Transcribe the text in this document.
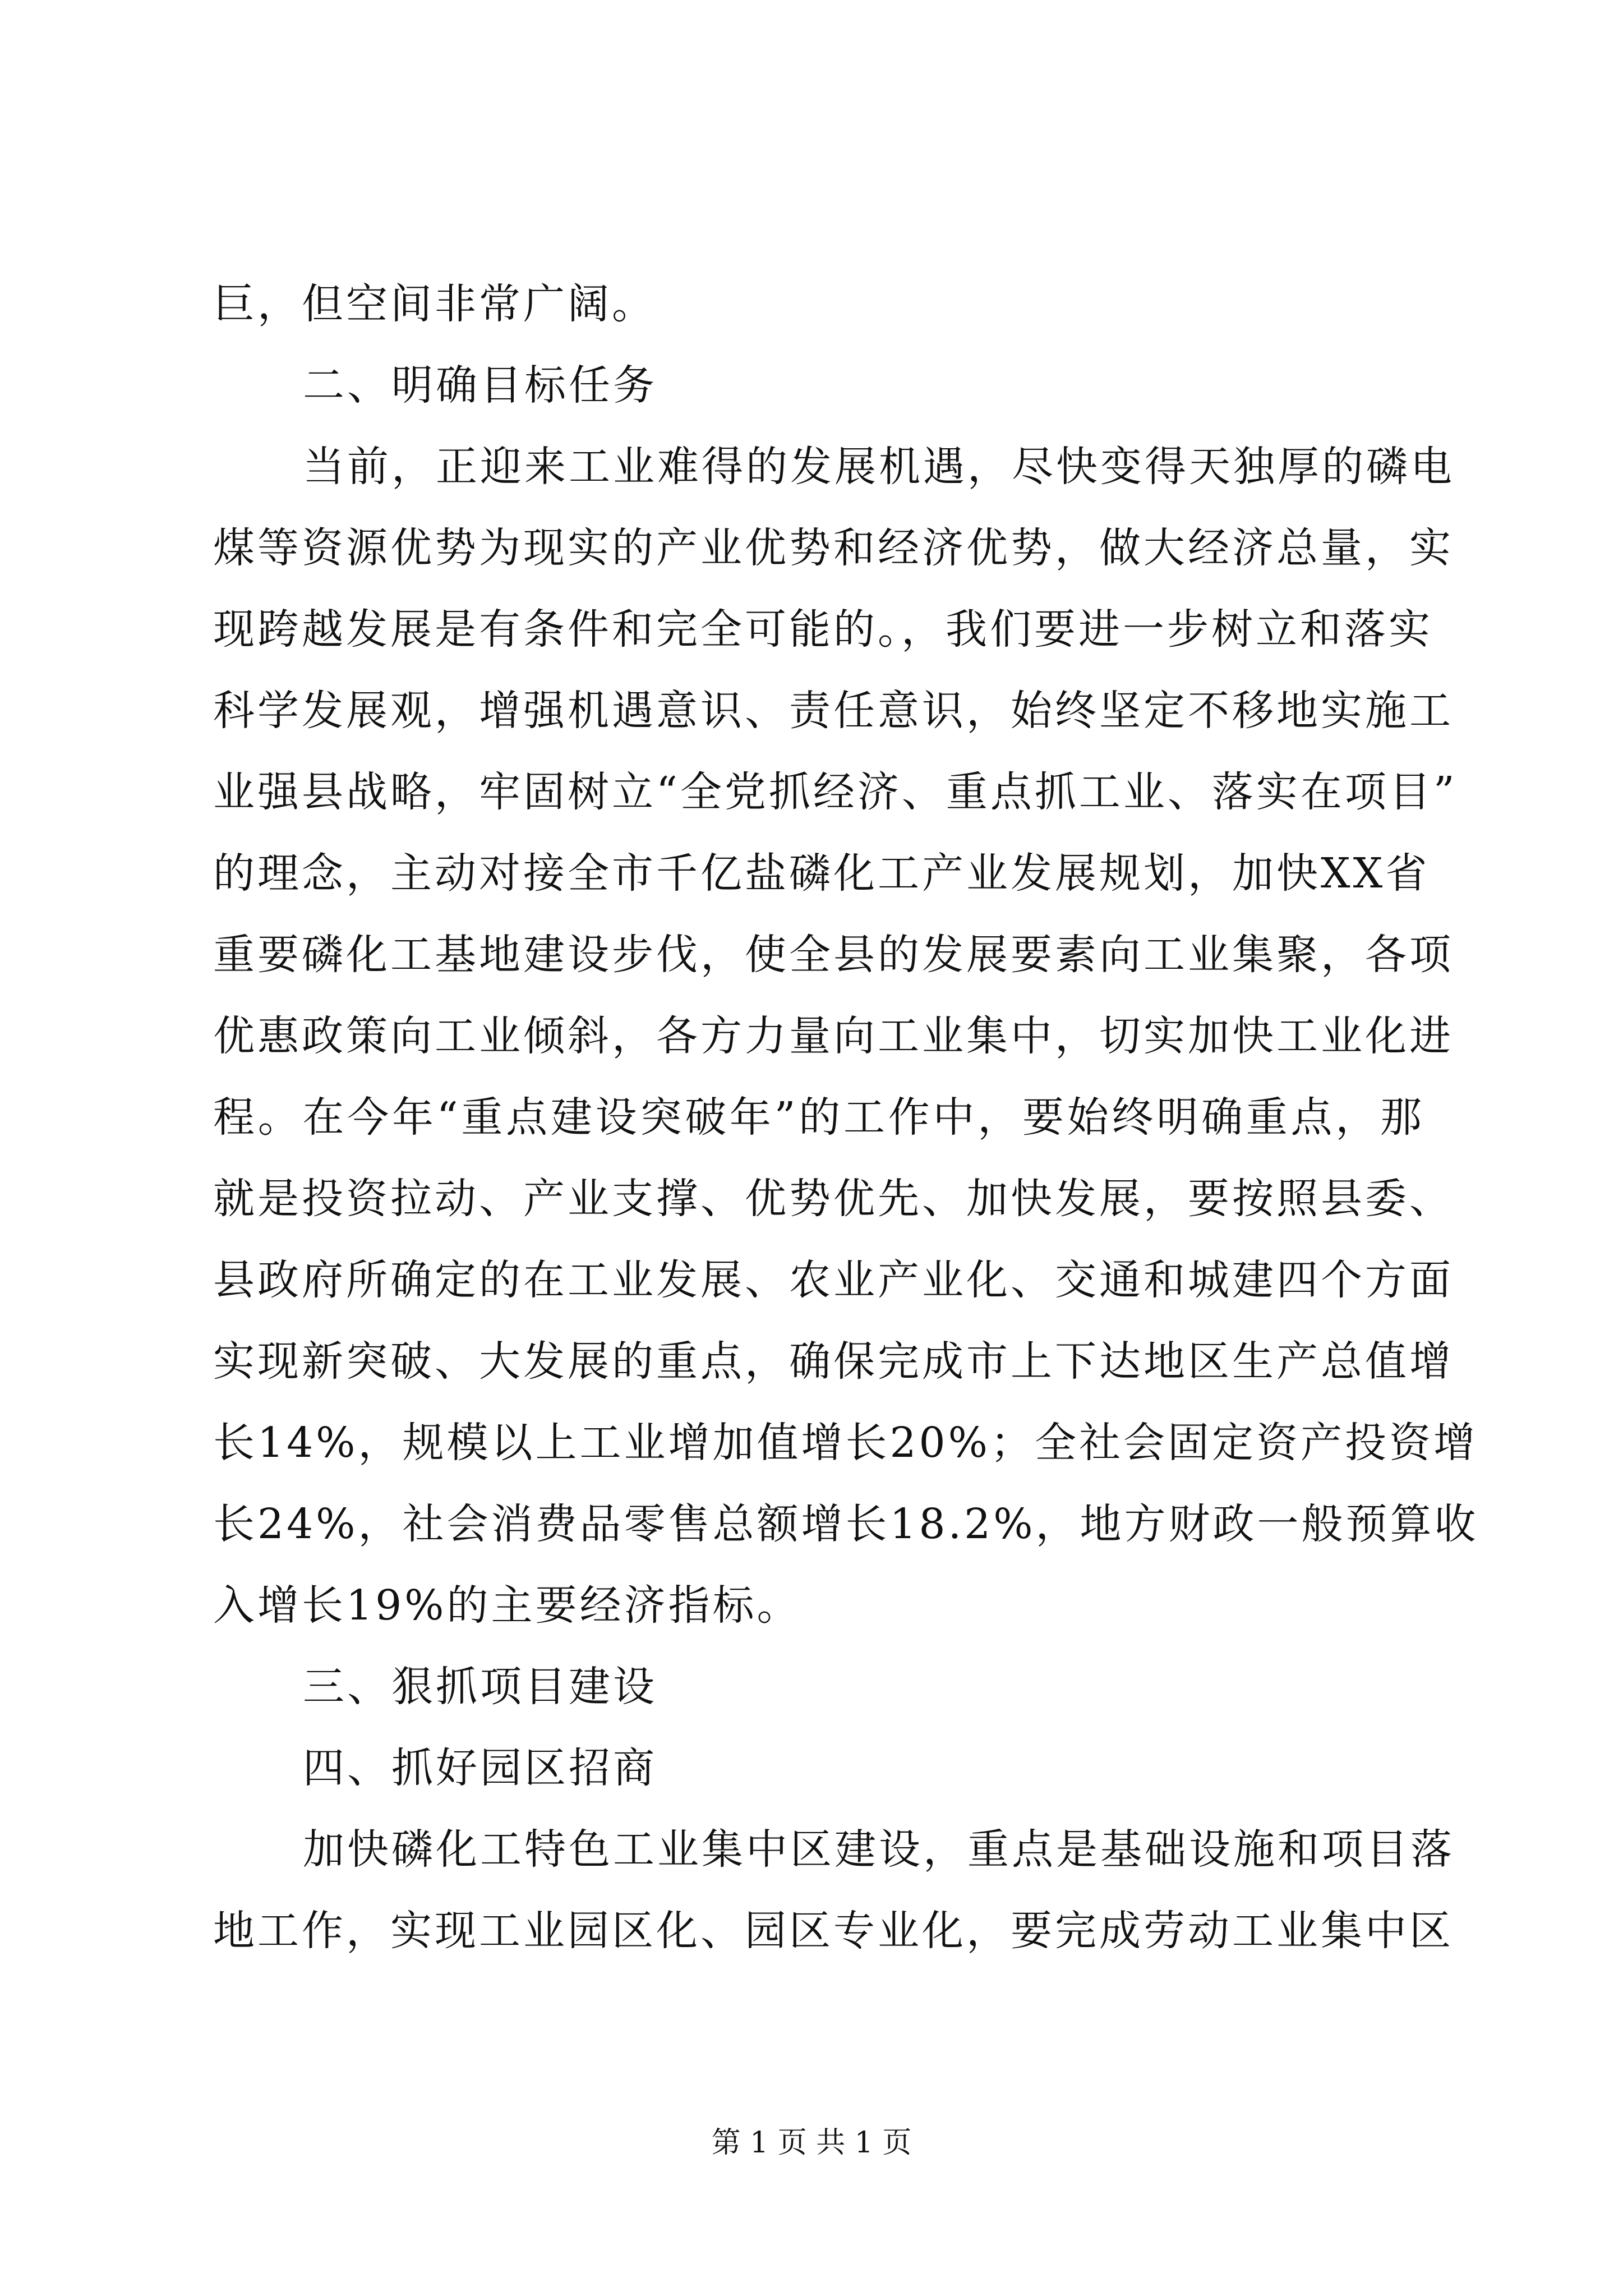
巨，但空间非常广阔。
二、明确目标任务
当前，正迎来工业难得的发展机遇，尽快变得天独厚的磷电
煤等资源优势为现实的产业优势和经济优势，做大经济总量，实
现跨越发展是有条件和完全可能的。，我们要进一步树立和落实
科学发展观，增强机遇意识、责任意识，始终坚定不移地实施工
业强县战略，牢固树立“全党抓经济、重点抓工业、落实在项目”
的理念，主动对接全市千亿盐磷化工产业发展规划，加快XX省
重要磷化工基地建设步伐，使全县的发展要素向工业集聚，各项
优惠政策向工业倾斜，各方力量向工业集中，切实加快工业化进
程。在今年“重点建设突破年”的工作中，要始终明确重点，那
就是投资拉动、产业支撑、优势优先、加快发展，要按照县委、
县政府所确定的在工业发展、农业产业化、交通和城建四个方面
实现新突破、大发展的重点，确保完成市上下达地区生产总值增
长14%，规模以上工业增加值增长20%；全社会固定资产投资增
长24%，社会消费品零售总额增长18.2%，地方财政一般预算收
入增长19%的主要经济指标。
三、狠抓项目建设
四、抓好园区招商
加快磷化工特色工业集中区建设，重点是基础设施和项目落
地工作，实现工业园区化、园区专业化，要完成劳动工业集中区
第 1 页 共 1 页
